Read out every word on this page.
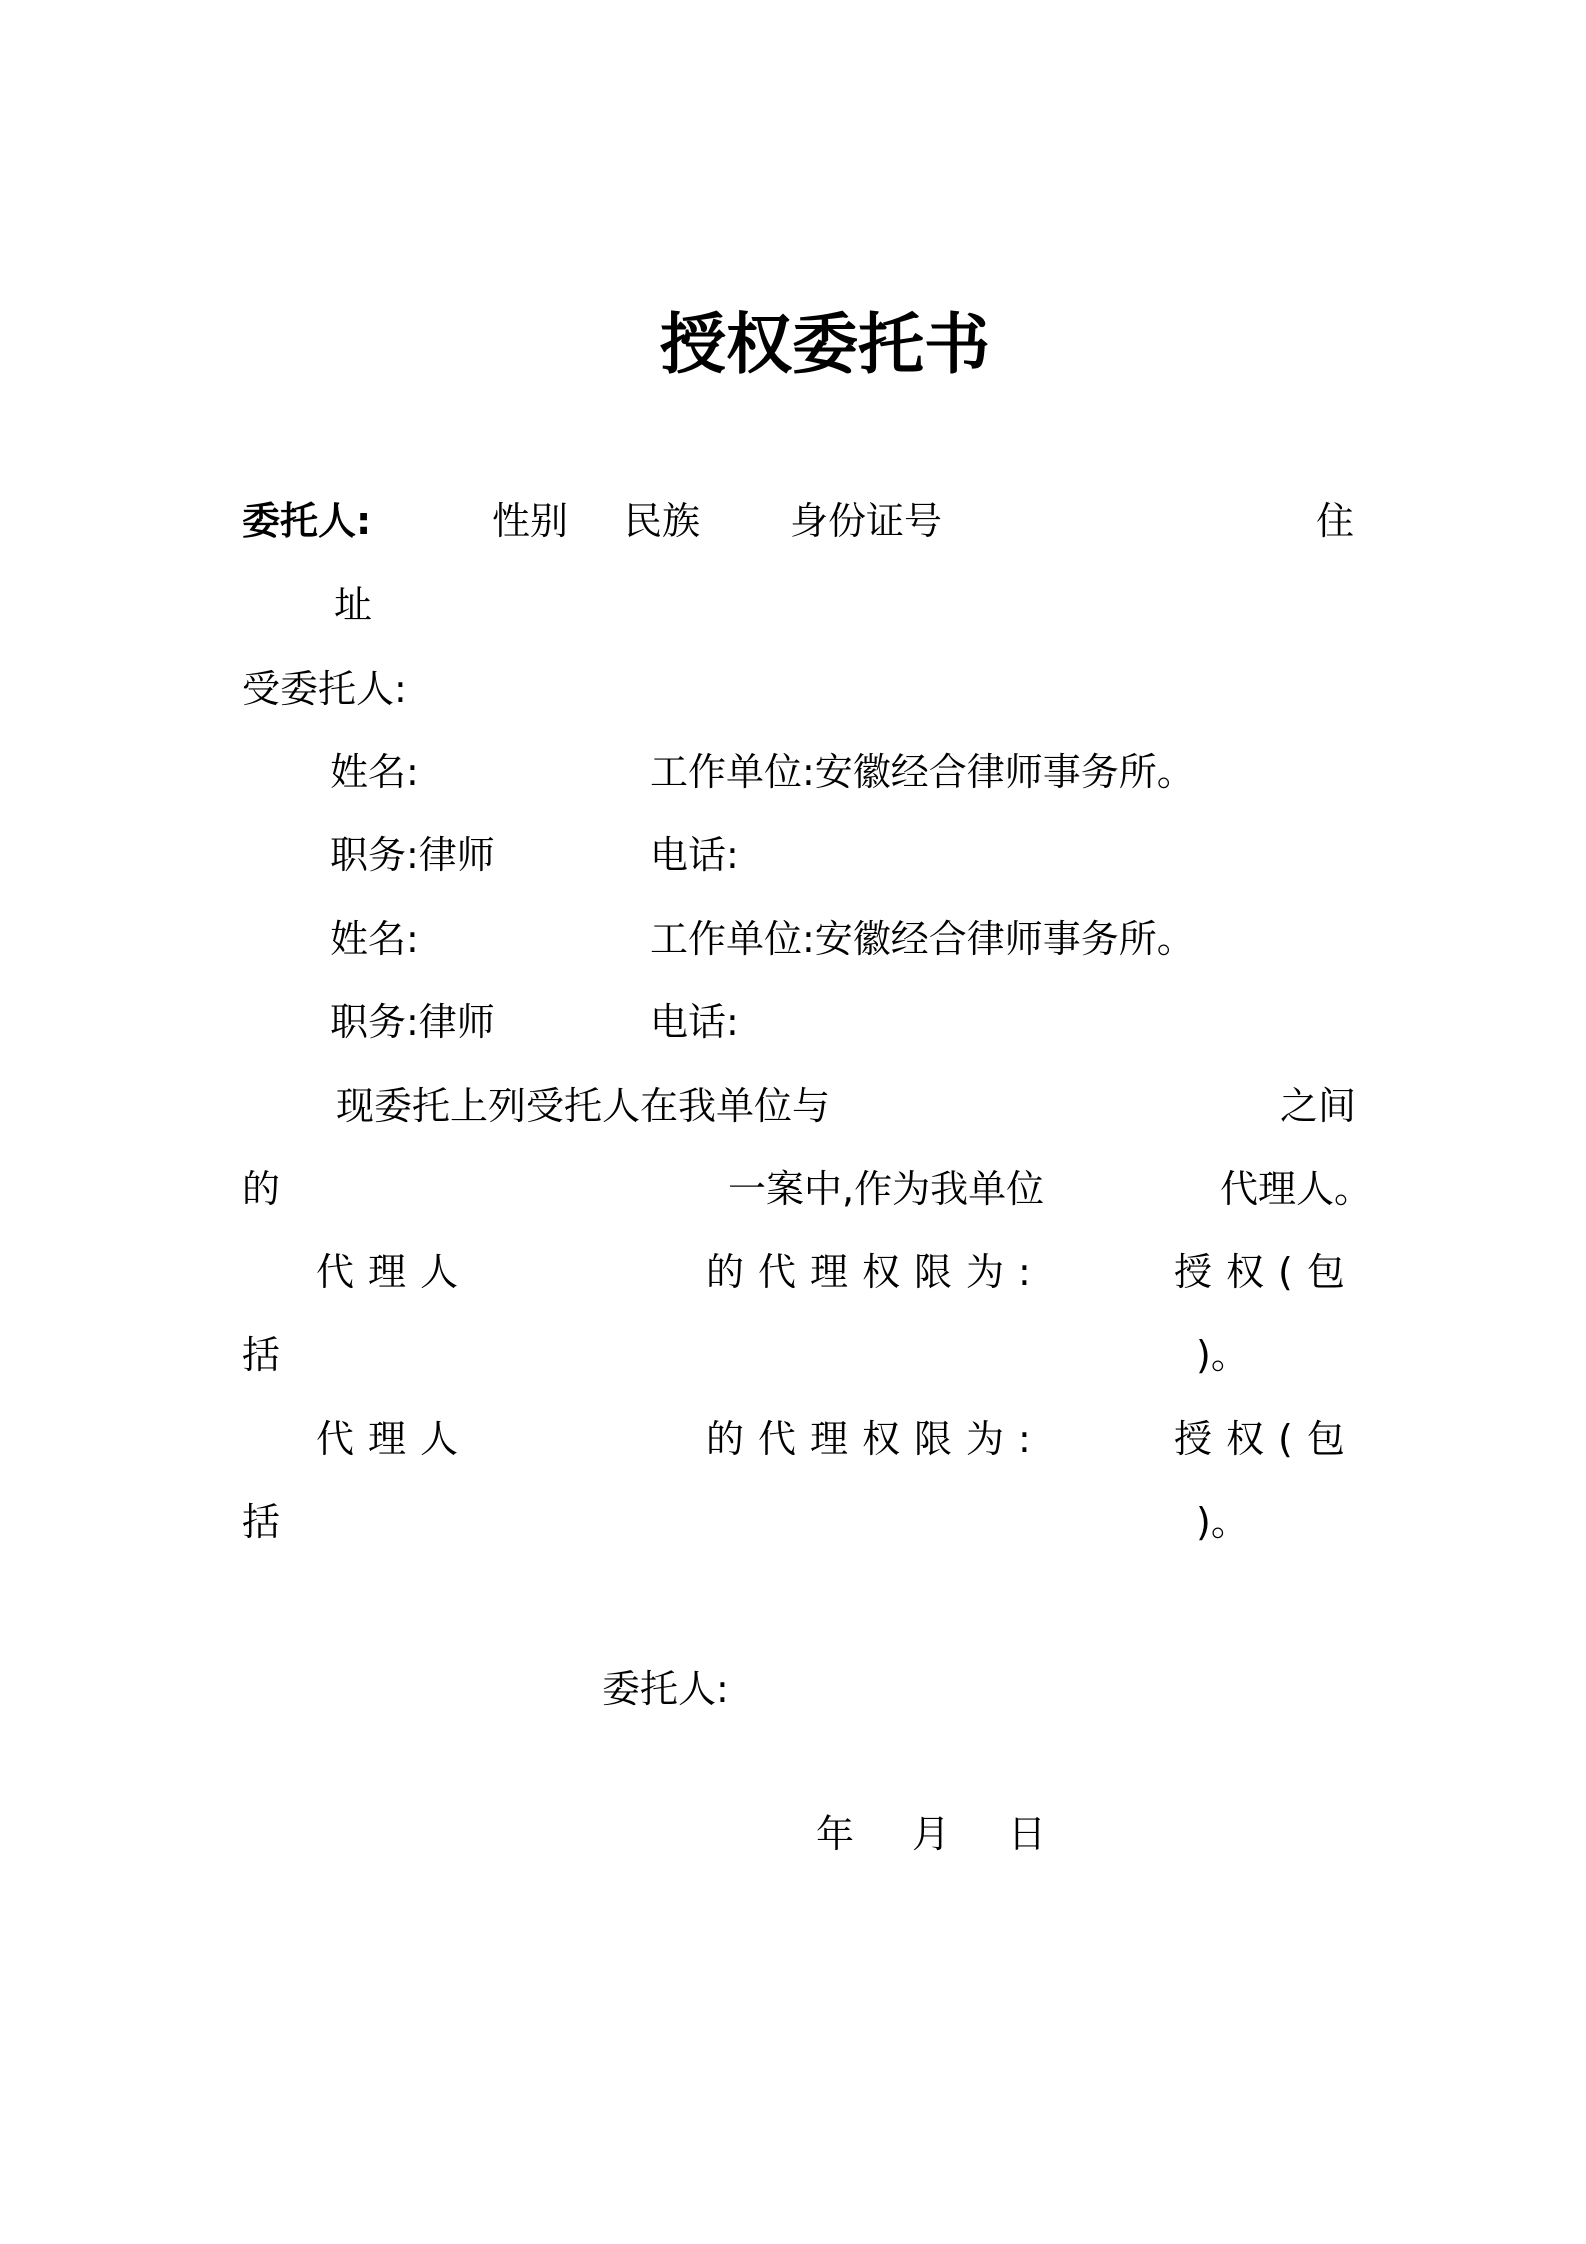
授权委托书
委托人:	性别 民族 身份证号	住
址
受委托人:
姓名:	工作单位:安徽经合律师事务所。
职务:律师	电话:
姓名:	工作单位:安徽经合律师事务所。
职务:律师	电话:
现委托上列受托人在我单位与	之间
的	一案中,作为我单位	代理人。
代理人	的代理权限为:	授权(包
括	)。
代理人	的代理权限为:	授权(包
括	)。
委托人:
年 月 日
